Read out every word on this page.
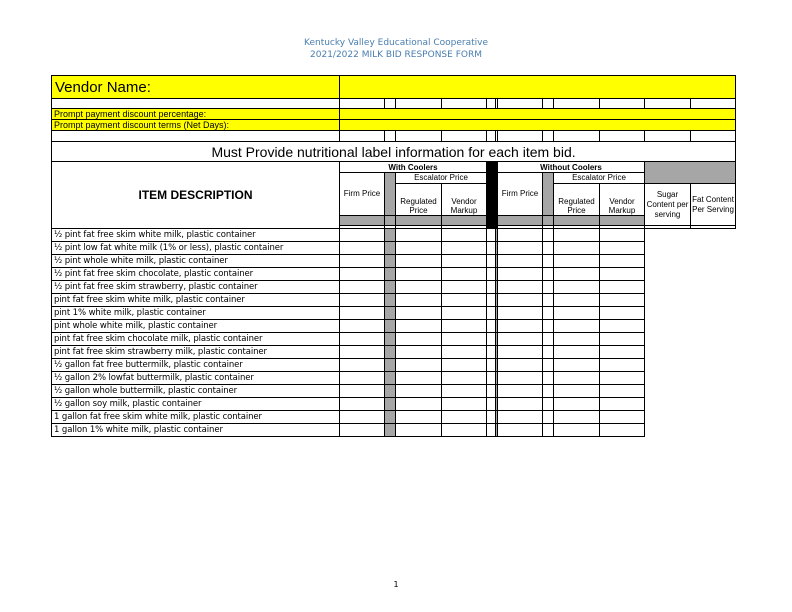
Kentucky Valley Educational Cooperative
2021/2022 MILK BID RESPONSE FORM
Vendor Name:													

Prompt payment discount percentage:													
Prompt payment discount terms (Net Days):													

Must Provide nutritional label information for each item bid.													
ITEM DESCRIPTION	With Coolers						Without Coolers						
	Firm Price		Escalator Price				Firm Price		Escalator Price				
			Regulated Price	Vendor Markup					Regulated Price	Vendor Markup	Sugar Content per serving	Fat Content Per Serving	

½ pint fat free skim white milk, plastic container													
½ pint low fat white milk (1% or less), plastic container													
½ pint whole white milk, plastic container													
½ pint fat free skim chocolate, plastic container													
½ pint fat free skim strawberry, plastic container													
pint fat free skim white milk, plastic container													
pint 1% white milk, plastic container													
pint whole white milk, plastic container													
pint fat free skim chocolate milk, plastic container													
pint fat free skim strawberry milk, plastic container													
½ gallon fat free buttermilk, plastic container													
½ gallon 2% lowfat buttermilk, plastic container													
½ gallon whole buttermilk, plastic container													
½ gallon soy milk, plastic container													
1 gallon fat free skim white milk, plastic container													
1 gallon 1% white milk, plastic container													
1
